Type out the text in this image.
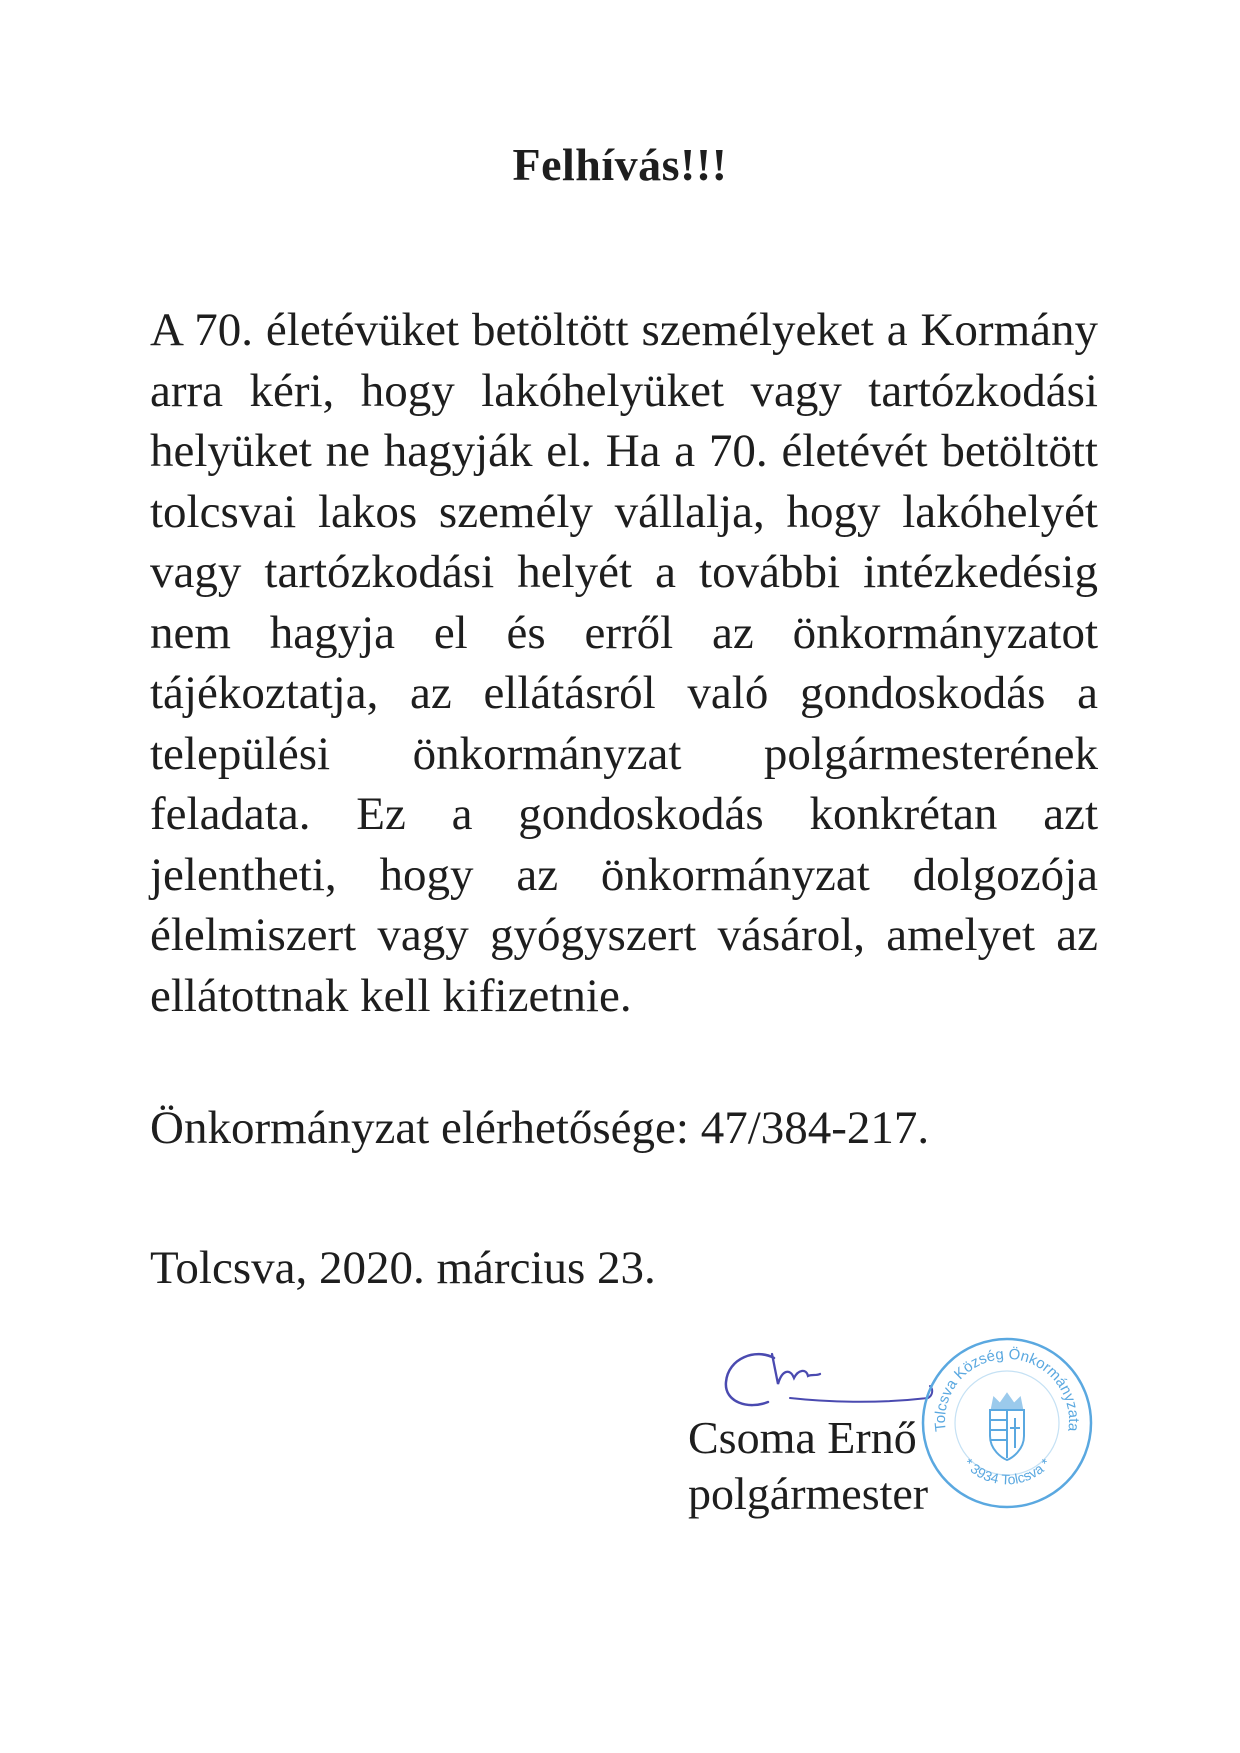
Felhívás!!!

A 70. életévüket betöltött személyeket a Kormány arra kéri, hogy lakóhelyüket vagy tartózkodási helyüket ne hagyják el. Ha a 70. életévét betöltött tolcsvai lakos személy vállalja, hogy lakóhelyét vagy tartózkodási helyét a további intézkedésig nem hagyja el és erről az önkormányzatot tájékoztatja, az ellátásról való gondoskodás a települési önkormányzat polgármesterének feladata. Ez a gondoskodás konkrétan azt jelentheti, hogy az önkormányzat dolgozója élelmiszert vagy gyógyszert vásárol, amelyet az ellátottnak kell kifizetnie.

Önkormányzat elérhetősége: 47/384-217.
Tolcsva, 2020. március 23.
Csoma Ernő
polgármester
Tolcsva Község Önkormányzata
* 3934 Tolcsva *
